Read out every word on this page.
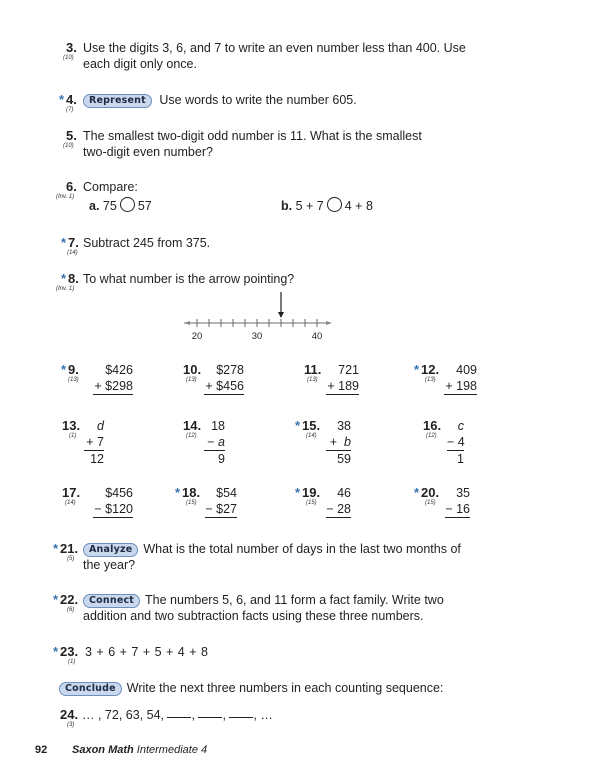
3.
(10)
Use the digits 3, 6, and 7 to write an even number less than 400. Use
each digit only once.
* 4.
(7)
Represent Use words to write the number 605.
5.
(10)
The smallest two-digit odd number is 11. What is the smallest
two-digit even number?
6.
(Inv. 1)
Compare:
a. 75 57	b. 5 + 7 4 + 8
* 7.
(14)
Subtract 245 from 375.
* 8.
(Inv. 1)
To what number is the arrow pointing?
20	30	40
* 9.
(13)
$426
+ $298
10.
(13)
$278
+ $456
11.
(13)
721
+ 189
* 12.
(13)
409
+ 198
13.
(1)
d
+ 7
12
14.
(12)
18
− a
9
* 15.
(14)
38
+ b
59
16.
(12)
c
− 4
1
17.
(14)
$456
− $120
* 18.
(15)
$54
− $27
* 19.
(15)
46
− 28
* 20.
(15)
35
− 16
* 21.
(5)
Analyze What is the total number of days in the last two months of
the year?
* 22.
(6)
Connect The numbers 5, 6, and 11 form a fact family. Write two
addition and two subtraction facts using these three numbers.
* 23.
(1)
3 + 6 + 7 + 5 + 4 + 8
Conclude Write the next three numbers in each counting sequence:
24.
(3)
… , 72, 63, 54, , , , …
92 Saxon Math Intermediate 4
